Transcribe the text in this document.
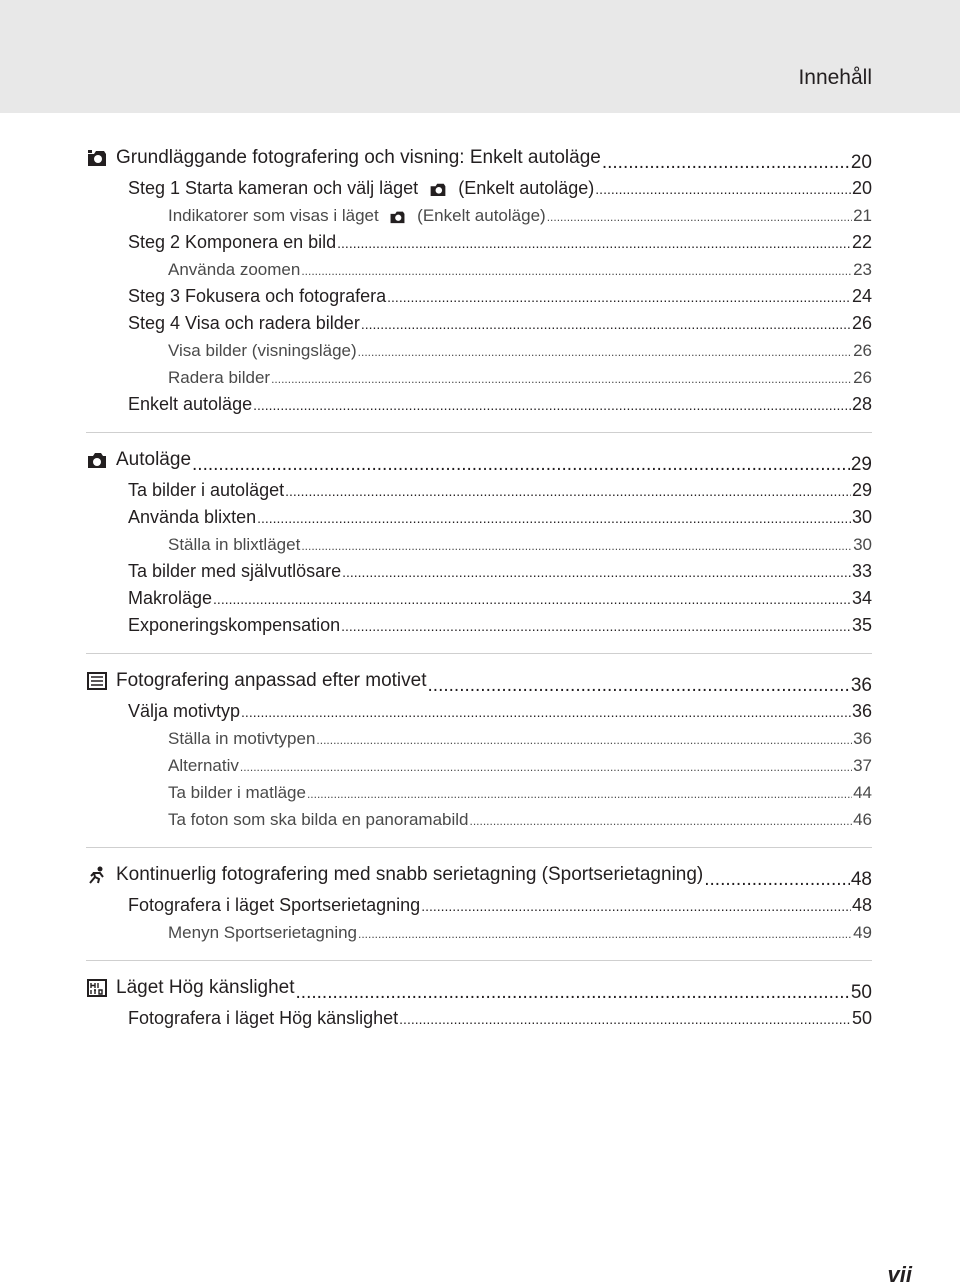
Innehåll
Grundläggande fotografering och visning: Enkelt autoläge .....	20
Steg 1 Starta kameran och välj läget (Enkelt autoläge) .....	20
Indikatorer som visas i läget (Enkelt autoläge) .....	21
Steg 2 Komponera en bild .....	22
Använda zoomen .....	23
Steg 3 Fokusera och fotografera .....	24
Steg 4 Visa och radera bilder .....	26
Visa bilder (visningsläge) .....	26
Radera bilder .....	26
Enkelt autoläge .....	28
Autoläge .....	29
Ta bilder i autoläget .....	29
Använda blixten .....	30
Ställa in blixtläget .....	30
Ta bilder med självutlösare .....	33
Makroläge .....	34
Exponeringskompensation .....	35
Fotografering anpassad efter motivet .....	36
Välja motivtyp .....	36
Ställa in motivtypen .....	36
Alternativ .....	37
Ta bilder i matläge .....	44
Ta foton som ska bilda en panoramabild .....	46
Kontinuerlig fotografering med snabb serietagning (Sportserietagning) .....	48
Fotografera i läget Sportserietagning .....	48
Menyn Sportserietagning .....	49
Läget Hög känslighet .....	50
Fotografera i läget Hög känslighet .....	50
vii
